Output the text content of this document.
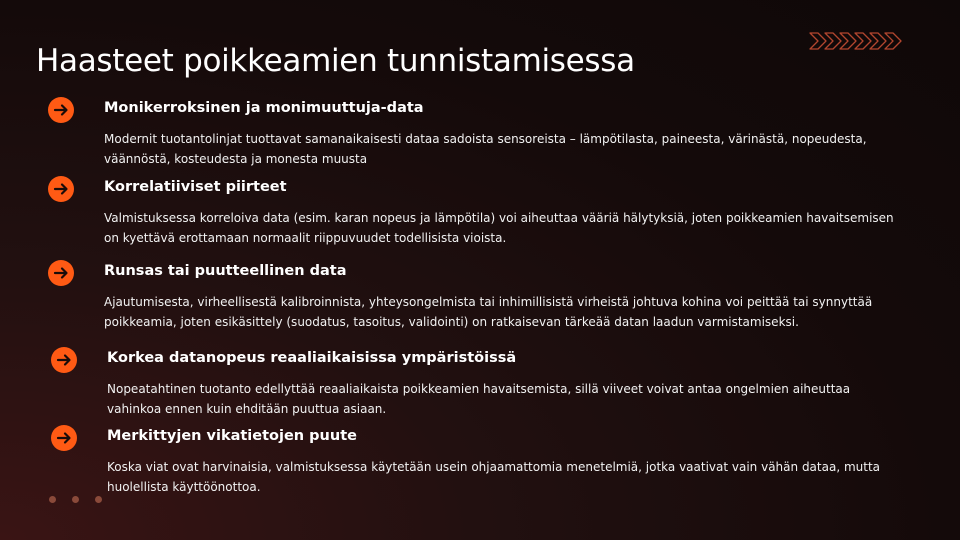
Haasteet poikkeamien tunnistamisessa
Monikerroksinen ja monimuuttuja-data
Modernit tuotantolinjat tuottavat samanaikaisesti dataa sadoista sensoreista – lämpötilasta, paineesta, värinästä, nopeudesta, väännöstä, kosteudesta ja monesta muusta
Korrelatiiviset piirteet
Valmistuksessa korreloiva data (esim. karan nopeus ja lämpötila) voi aiheuttaa vääriä hälytyksiä, joten poikkeamien havaitsemisen on kyettävä erottamaan normaalit riippuvuudet todellisista vioista.
Runsas tai puutteellinen data
Ajautumisesta, virheellisestä kalibroinnista, yhteysongelmista tai inhimillisistä virheistä johtuva kohina voi peittää tai synnyttää poikkeamia, joten esikäsittely (suodatus, tasoitus, validointi) on ratkaisevan tärkeää datan laadun varmistamiseksi.
Korkea datanopeus reaaliaikaisissa ympäristöissä
Nopeatahtinen tuotanto edellyttää reaaliaikaista poikkeamien havaitsemista, sillä viiveet voivat antaa ongelmien aiheuttaa vahinkoa ennen kuin ehditään puuttua asiaan.
Merkittyjen vikatietojen puute
Koska viat ovat harvinaisia, valmistuksessa käytetään usein ohjaamattomia menetelmiä, jotka vaativat vain vähän dataa, mutta huolellista käyttöönottoa.
